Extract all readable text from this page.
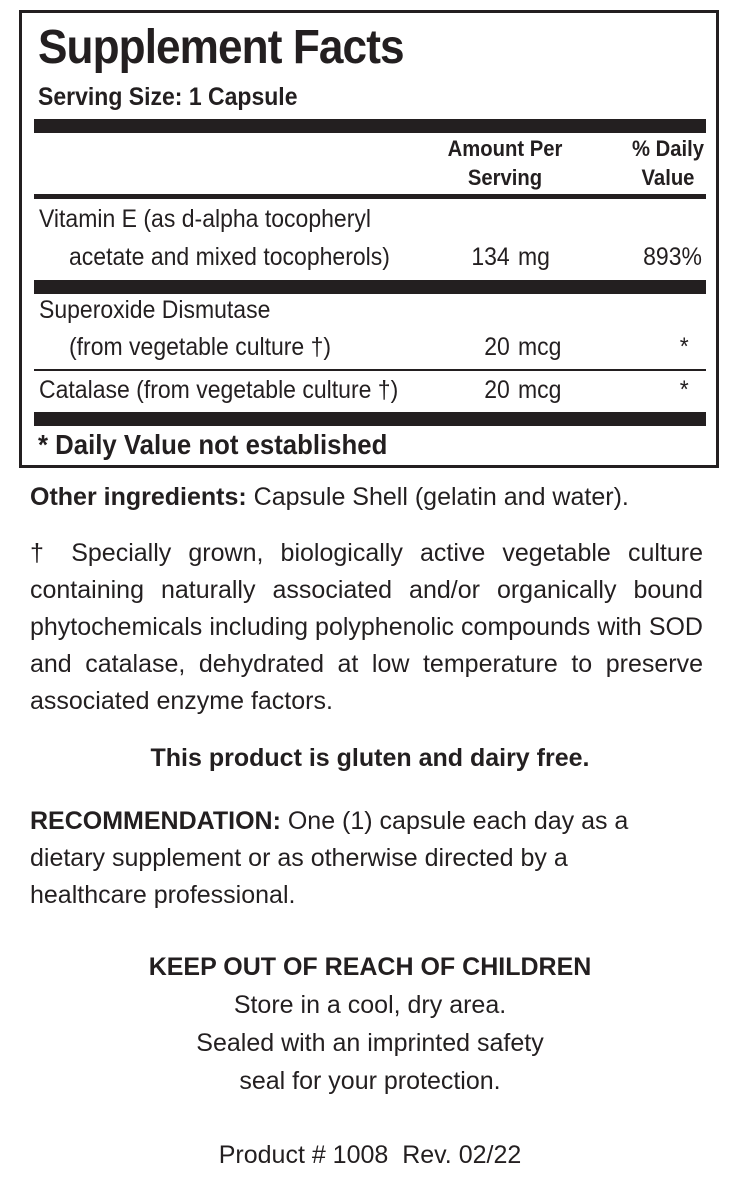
Supplement Facts
Serving Size: 1 Capsule
Amount Per
Serving
% Daily
Value
Vitamin E (as d-alpha tocopheryl
acetate and mixed tocopherols)	134 mg	893%
Superoxide Dismutase
(from vegetable culture †)	20 mcg	*
Catalase (from vegetable culture †)	20 mcg	*
* Daily Value not established
Other ingredients: Capsule Shell (gelatin and water).
† Specially grown, biologically active vegetable culture containing naturally associated and/or organically bound phytochemicals including polyphenolic compounds with SOD and catalase, dehydrated at low temperature to preserve associated enzyme factors.
This product is gluten and dairy free.
RECOMMENDATION: One (1) capsule each day as a dietary supplement or as otherwise directed by a healthcare professional.
KEEP OUT OF REACH OF CHILDREN
Store in a cool, dry area.
Sealed with an imprinted safety
seal for your protection.
Product # 1008  Rev. 02/22
